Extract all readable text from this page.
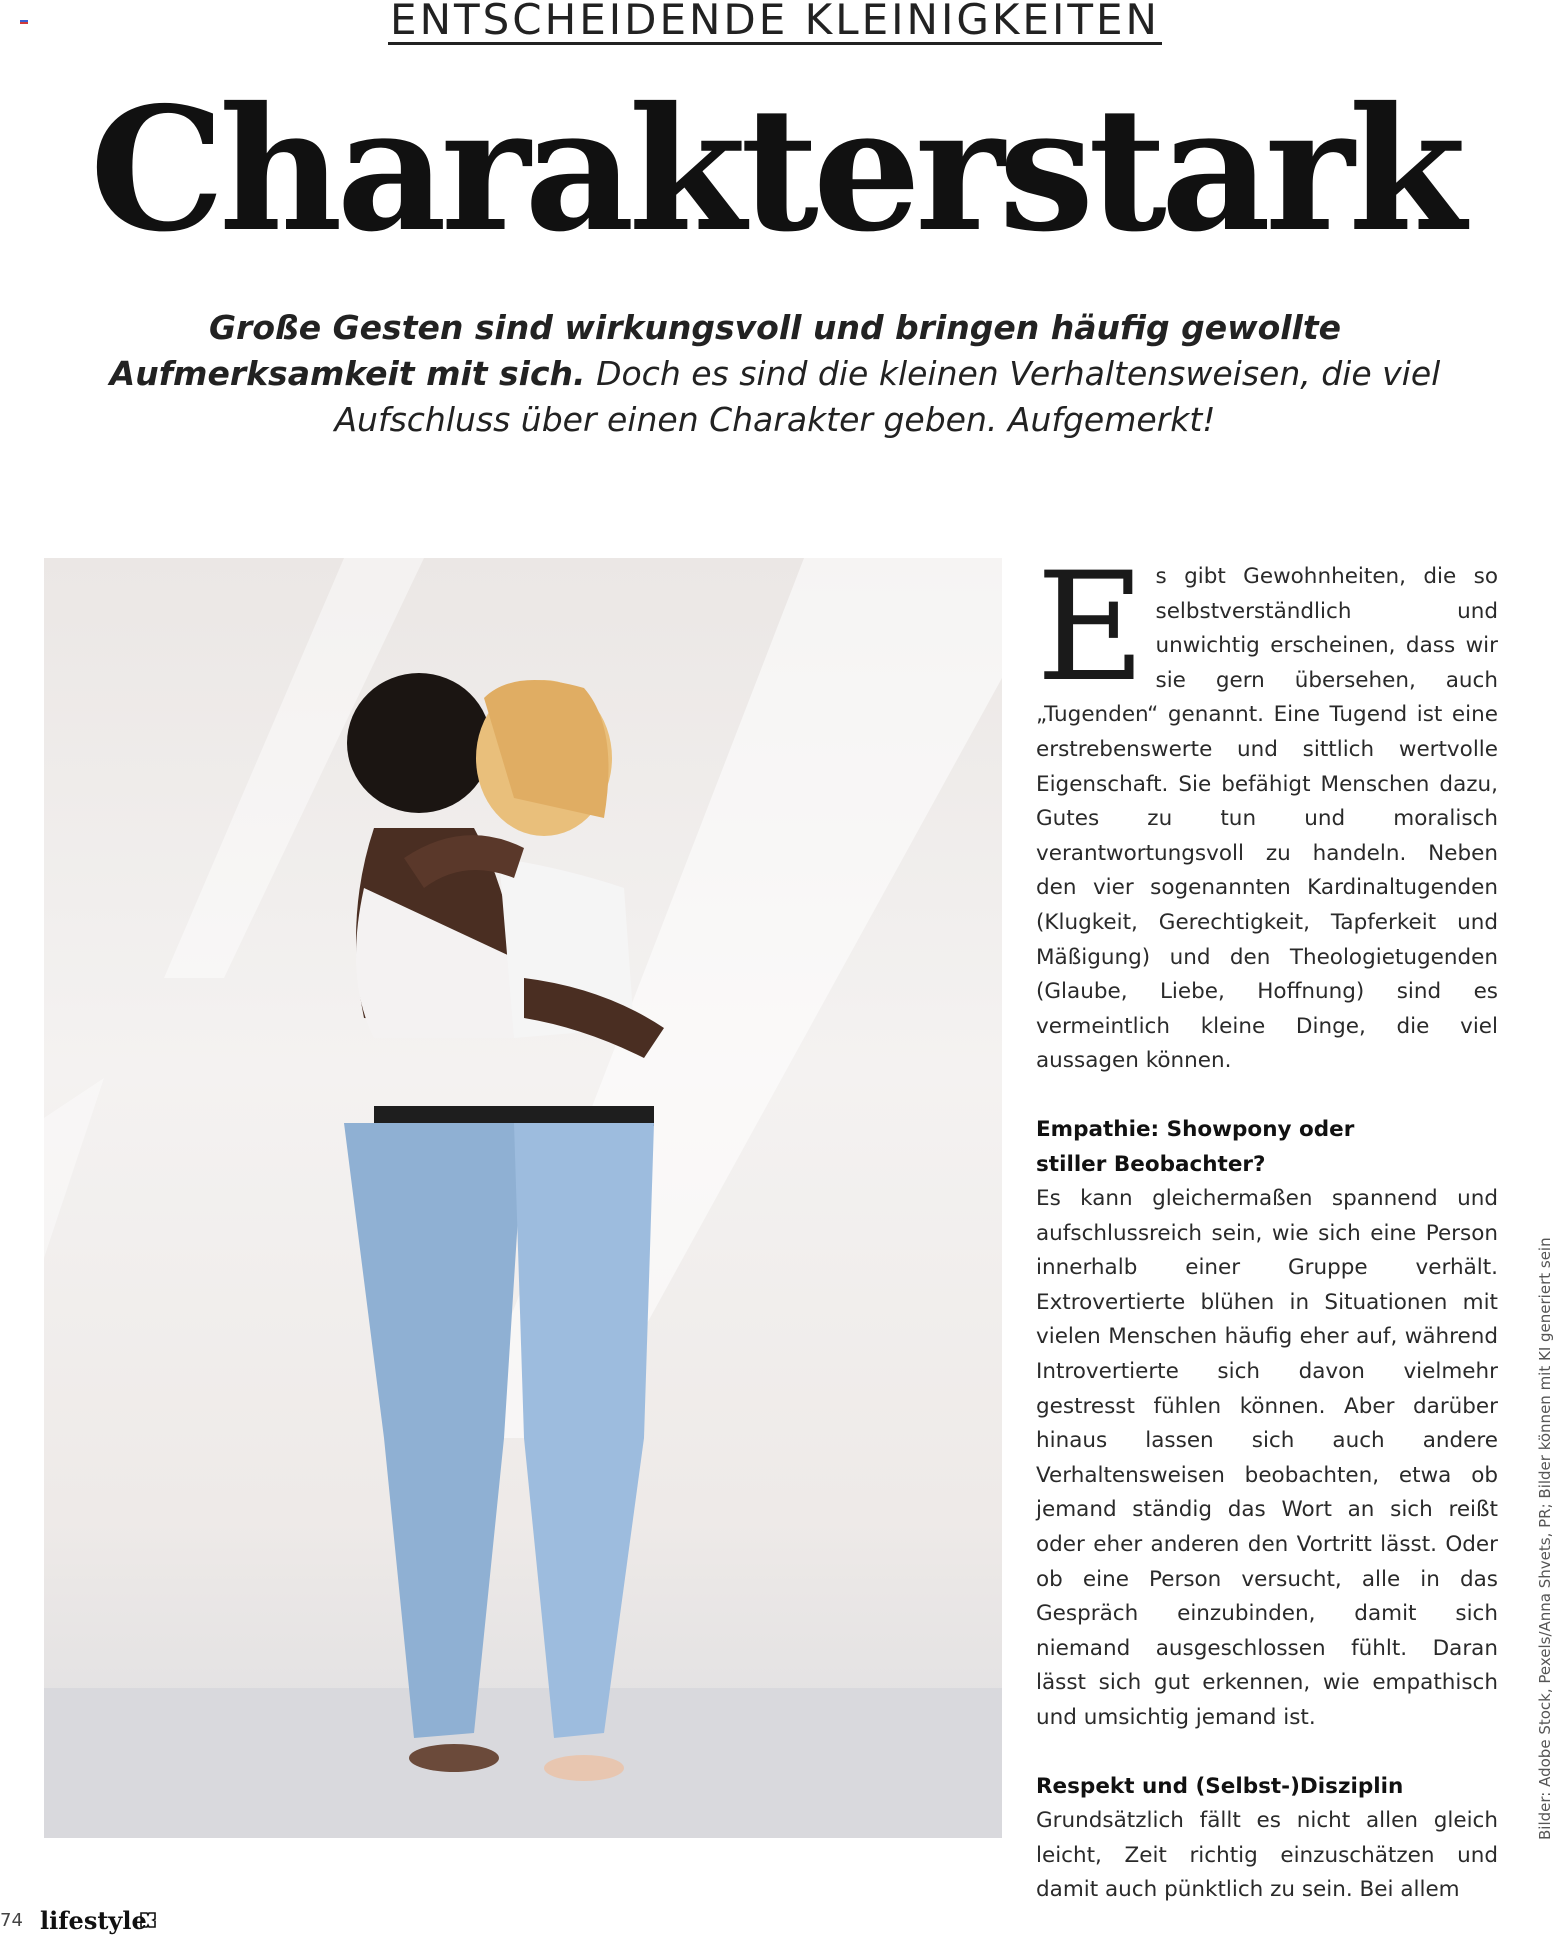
ENTSCHEIDENDE KLEINIGKEITEN
Charakterstark
Große Gesten sind wirkungsvoll und bringen häufig gewollte Aufmerksamkeit mit sich. Doch es sind die kleinen Verhaltensweisen, die viel Aufschluss über einen Charakter geben. Aufgemerkt!

Es gibt Gewohnheiten, die so selbstverständlich und unwichtig erscheinen, dass wir sie gern übersehen, auch „Tugenden“ genannt. Eine Tugend ist eine erstrebenswerte und sittlich wertvolle Eigenschaft. Sie befähigt Menschen dazu, Gutes zu tun und moralisch verantwortungsvoll zu handeln. Neben den vier sogenannten Kardinaltugenden (Klugkeit, Gerechtigkeit, Tapferkeit und Mäßigung) und den Theologietugenden (Glaube, Liebe, Hoffnung) sind es vermeintlich kleine Dinge, die viel aussagen können.

Empathie: Showpony oder
stiller Beobachter?

Es kann gleichermaßen spannend und aufschlussreich sein, wie sich eine Person innerhalb einer Gruppe verhält. Extrovertierte blühen in Situationen mit vielen Menschen häufig eher auf, während Introvertierte sich davon vielmehr gestresst fühlen können. Aber darüber hinaus lassen sich auch andere Verhaltensweisen beobachten, etwa ob jemand ständig das Wort an sich reißt oder eher anderen den Vortritt lässt. Oder ob eine Person versucht, alle in das Gespräch einzubinden, damit sich niemand ausgeschlossen fühlt. Daran lässt sich gut erkennen, wie empathisch und umsichtig jemand ist.

Respekt und (Selbst-)Disziplin

Grundsätzlich fällt es nicht allen gleich leicht, Zeit richtig einzuschätzen und damit auch pünktlich zu sein. Bei allem

Bilder: Adobe Stock, Pexels/Anna Shvets, PR; Bilder können mit KI generiert sein
74 lifestyle
